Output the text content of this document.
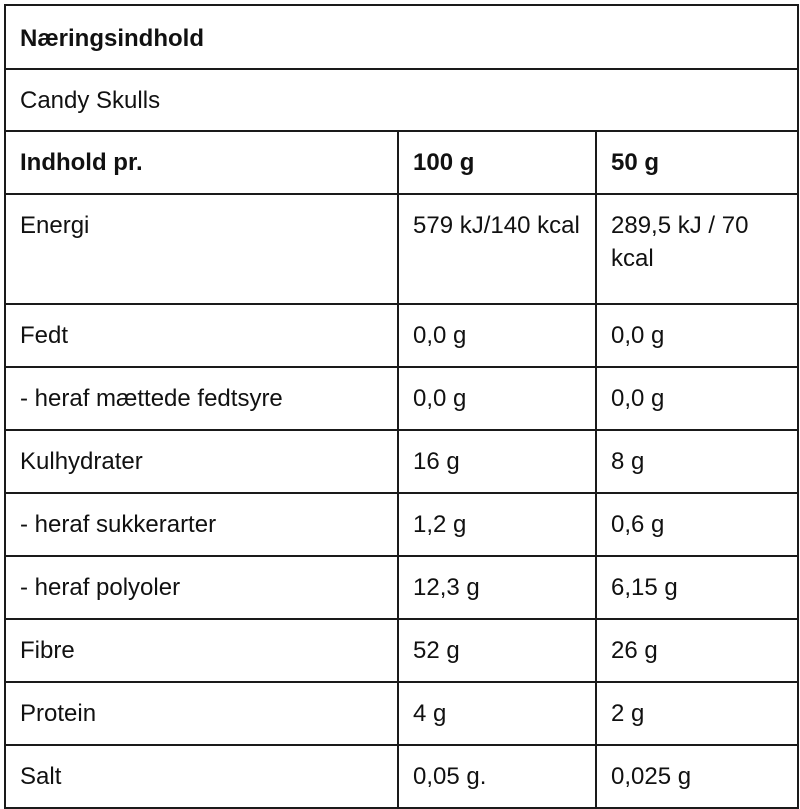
Næringsindhold		
Candy Skulls		
Indhold pr.	100 g	50 g
Energi	579 kJ/140 kcal	289,5 kJ / 70 kcal
Fedt	0,0 g	0,0 g
- heraf mættede fedtsyre	0,0 g	0,0 g
Kulhydrater	16 g	8 g
- heraf sukkerarter	1,2 g	0,6 g
- heraf polyoler	12,3 g	6,15 g
Fibre	52 g	26 g
Protein	4 g	2 g
Salt	0,05 g.	0,025 g
